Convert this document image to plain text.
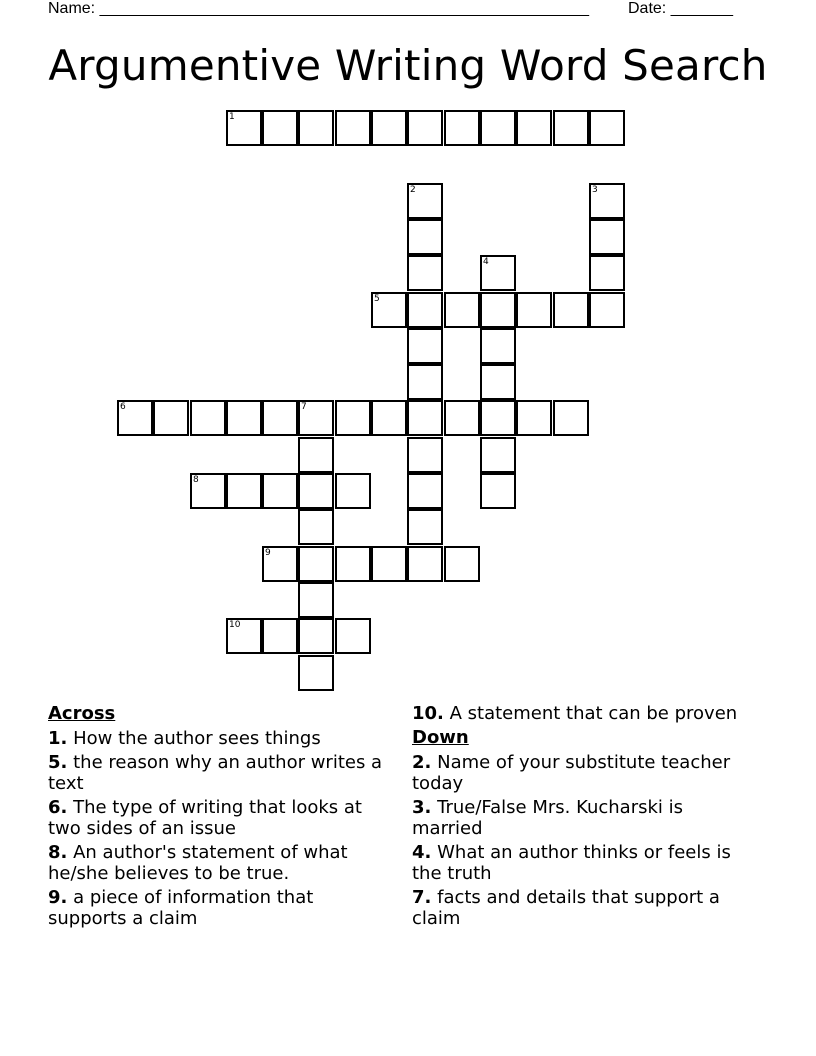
Name: _______________________________________________________ Date: _______
Argumentive Writing Word Search
1
5
6	7
8
9
10
2	3
4
Across
1. How the author sees things
5. the reason why an author writes a text
6. The type of writing that looks at two sides of an issue
8. An author's statement of what he/she believes to be true.
9. a piece of information that supports a claim
10. A statement that can be proven
Down
2. Name of your substitute teacher today
3. True/False Mrs. Kucharski is married
4. What an author thinks or feels is the truth
7. facts and details that support a claim
